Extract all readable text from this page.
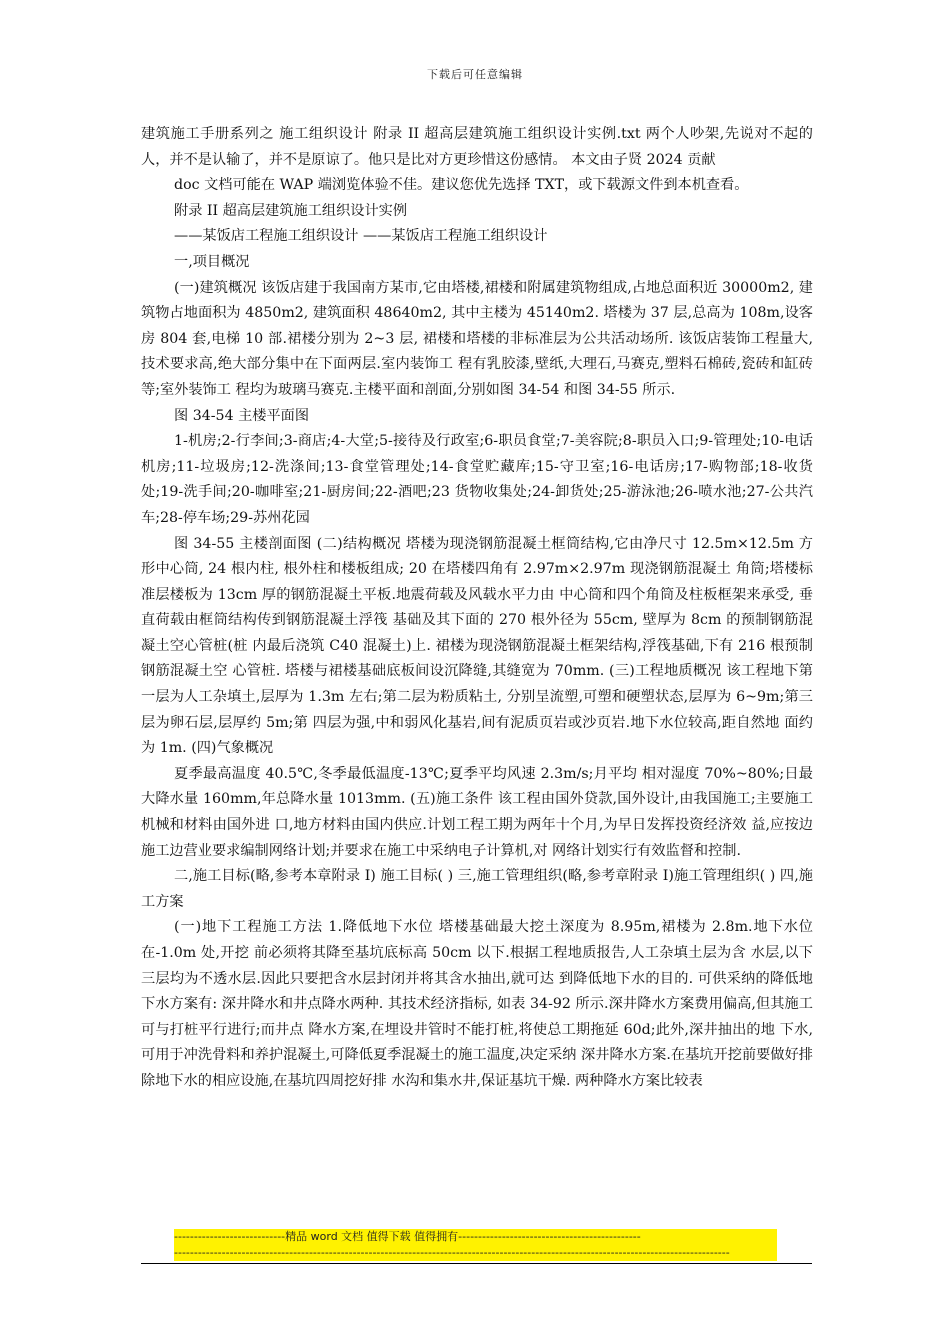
下载后可任意编辑

建筑施工手册系列之 施工组织设计 附录 II 超高层建筑施工组织设计实例.txt 两个人吵架,先说对不起的人，并不是认输了，并不是原谅了。他只是比对方更珍惜这份感情。 本文由子贤 2024 贡献

doc 文档可能在 WAP 端浏览体验不佳。建议您优先选择 TXT，或下载源文件到本机查看。

附录 II 超高层建筑施工组织设计实例

——某饭店工程施工组织设计 ——某饭店工程施工组织设计

一,项目概况

(一)建筑概况 该饭店建于我国南方某市,它由塔楼,裙楼和附属建筑物组成,占地总面积近 30000m2, 建筑物占地面积为 4850m2, 建筑面积 48640m2, 其中主楼为 45140m2. 塔楼为 37 层,总高为 108m,设客房 804 套,电梯 10 部.裙楼分别为 2~3 层, 裙楼和塔楼的非标准层为公共活动场所. 该饭店装饰工程量大,技术要求高,绝大部分集中在下面两层.室内装饰工 程有乳胶漆,壁纸,大理石,马赛克,塑料石棉砖,瓷砖和缸砖等;室外装饰工 程均为玻璃马赛克.主楼平面和剖面,分别如图 34-54 和图 34-55 所示.

图 34-54 主楼平面图

1-机房;2-行李间;3-商店;4-大堂;5-接待及行政室;6-职员食堂;7-美容院;8-职员入口;9-管理处;10-电话机房;11-垃圾房;12-洗涤间;13-食堂管理处;14-食堂贮藏库;15-守卫室;16-电话房;17-购物部;18-收货处;19-洗手间;20-咖啡室;21-厨房间;22-酒吧;23 货物收集处;24-卸货处;25-游泳池;26-喷水池;27-公共汽车;28-停车场;29-苏州花园

图 34-55 主楼剖面图 (二)结构概况 塔楼为现浇钢筋混凝土框筒结构,它由净尺寸 12.5m×12.5m 方形中心筒, 24 根内柱, 根外柱和楼板组成; 20 在塔楼四角有 2.97m×2.97m 现浇钢筋混凝土 角筒;塔楼标准层楼板为 13cm 厚的钢筋混凝土平板.地震荷载及风载水平力由 中心筒和四个角筒及柱板框架来承受, 垂直荷载由框筒结构传到钢筋混凝土浮筏 基础及其下面的 270 根外径为 55cm, 壁厚为 8cm 的预制钢筋混凝土空心管桩(桩 内最后浇筑 C40 混凝土)上. 裙楼为现浇钢筋混凝土框架结构,浮筏基础,下有 216 根预制钢筋混凝土空 心管桩. 塔楼与裙楼基础底板间设沉降缝,其缝宽为 70mm. (三)工程地质概况 该工程地下第一层为人工杂填土,层厚为 1.3m 左右;第二层为粉质粘土, 分别呈流塑,可塑和硬塑状态,层厚为 6~9m;第三层为卵石层,层厚约 5m;第 四层为强,中和弱风化基岩,间有泥质页岩或沙页岩.地下水位较高,距自然地 面约为 1m. (四)气象概况

夏季最高温度 40.5℃,冬季最低温度-13℃;夏季平均风速 2.3m/s;月平均 相对湿度 70%~80%;日最大降水量 160mm,年总降水量 1013mm. (五)施工条件 该工程由国外贷款,国外设计,由我国施工;主要施工机械和材料由国外进 口,地方材料由国内供应.计划工程工期为两年十个月,为早日发挥投资经济效 益,应按边施工边营业要求编制网络计划;并要求在施工中采纳电子计算机,对 网络计划实行有效监督和控制.

二,施工目标(略,参考本章附录 I) 施工目标( ) 三,施工管理组织(略,参考章附录 I)施工管理组织( ) 四,施工方案

(一)地下工程施工方法 1.降低地下水位 塔楼基础最大挖土深度为 8.95m,裙楼为 2.8m.地下水位在-1.0m 处,开挖 前必须将其降至基坑底标高 50cm 以下.根据工程地质报告,人工杂填土层为含 水层,以下三层均为不透水层.因此只要把含水层封闭并将其含水抽出,就可达 到降低地下水的目的. 可供采纳的降低地下水方案有: 深井降水和井点降水两种. 其技术经济指标, 如表 34-92 所示.深井降水方案费用偏高,但其施工可与打桩平行进行;而井点 降水方案,在埋设井管时不能打桩,将使总工期拖延 60d;此外,深井抽出的地 下水,可用于冲洗骨料和养护混凝土,可降低夏季混凝土的施工温度,决定采纳 深井降水方案.在基坑开挖前要做好排除地下水的相应设施,在基坑四周挖好排 水沟和集水井,保证基坑干燥. 两种降水方案比较表

----------------------------精品 word 文档 值得下载 值得拥有----------------------------------------------
--------------------------------------------------------------------------------------------------------------------------------------------
